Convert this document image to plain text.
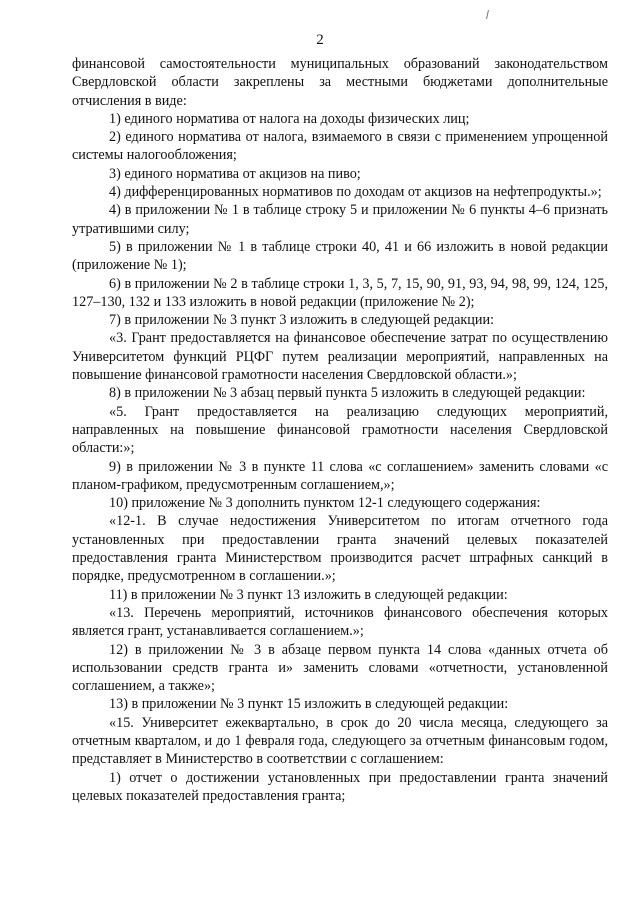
2

финансовой самостоятельности муниципальных образований законодательством Свердловской области закреплены за местными бюджетами дополнительные отчисления в виде:

1) единого норматива от налога на доходы физических лиц;

2) единого норматива от налога, взимаемого в связи с применением упрощенной системы налогообложения;

3) единого норматива от акцизов на пиво;

4) дифференцированных нормативов по доходам от акцизов на нефтепродукты.»;

4) в приложении № 1 в таблице строку 5 и приложении № 6 пункты 4–6 признать утратившими силу;

5) в приложении № 1 в таблице строки 40, 41 и 66 изложить в новой редакции (приложение № 1);

6) в приложении № 2 в таблице строки 1, 3, 5, 7, 15, 90, 91, 93, 94, 98, 99, 124, 125, 127–130, 132 и 133 изложить в новой редакции (приложение № 2);

7) в приложении № 3 пункт 3 изложить в следующей редакции:

«3. Грант предоставляется на финансовое обеспечение затрат по осуществлению Университетом функций РЦФГ путем реализации мероприятий, направленных на повышение финансовой грамотности населения Свердловской области.»;

8) в приложении № 3 абзац первый пункта 5 изложить в следующей редакции:

«5. Грант предоставляется на реализацию следующих мероприятий, направленных на повышение финансовой грамотности населения Свердловской области:»;

9) в приложении № 3 в пункте 11 слова «с соглашением» заменить словами «с планом-графиком, предусмотренным соглашением,»;

10) приложение № 3 дополнить пунктом 12-1 следующего содержания:

«12-1. В случае недостижения Университетом по итогам отчетного года установленных при предоставлении гранта значений целевых показателей предоставления гранта Министерством производится расчет штрафных санкций в порядке, предусмотренном в соглашении.»;

11) в приложении № 3 пункт 13 изложить в следующей редакции:

«13. Перечень мероприятий, источников финансового обеспечения которых является грант, устанавливается соглашением.»;

12) в приложении № 3 в абзаце первом пункта 14 слова «данных отчета об использовании средств гранта и» заменить словами «отчетности, установленной соглашением, а также»;

13) в приложении № 3 пункт 15 изложить в следующей редакции:

«15. Университет ежеквартально, в срок до 20 числа месяца, следующего за отчетным кварталом, и до 1 февраля года, следующего за отчетным финансовым годом, представляет в Министерство в соответствии с соглашением:

1) отчет о достижении установленных при предоставлении гранта значений целевых показателей предоставления гранта;
